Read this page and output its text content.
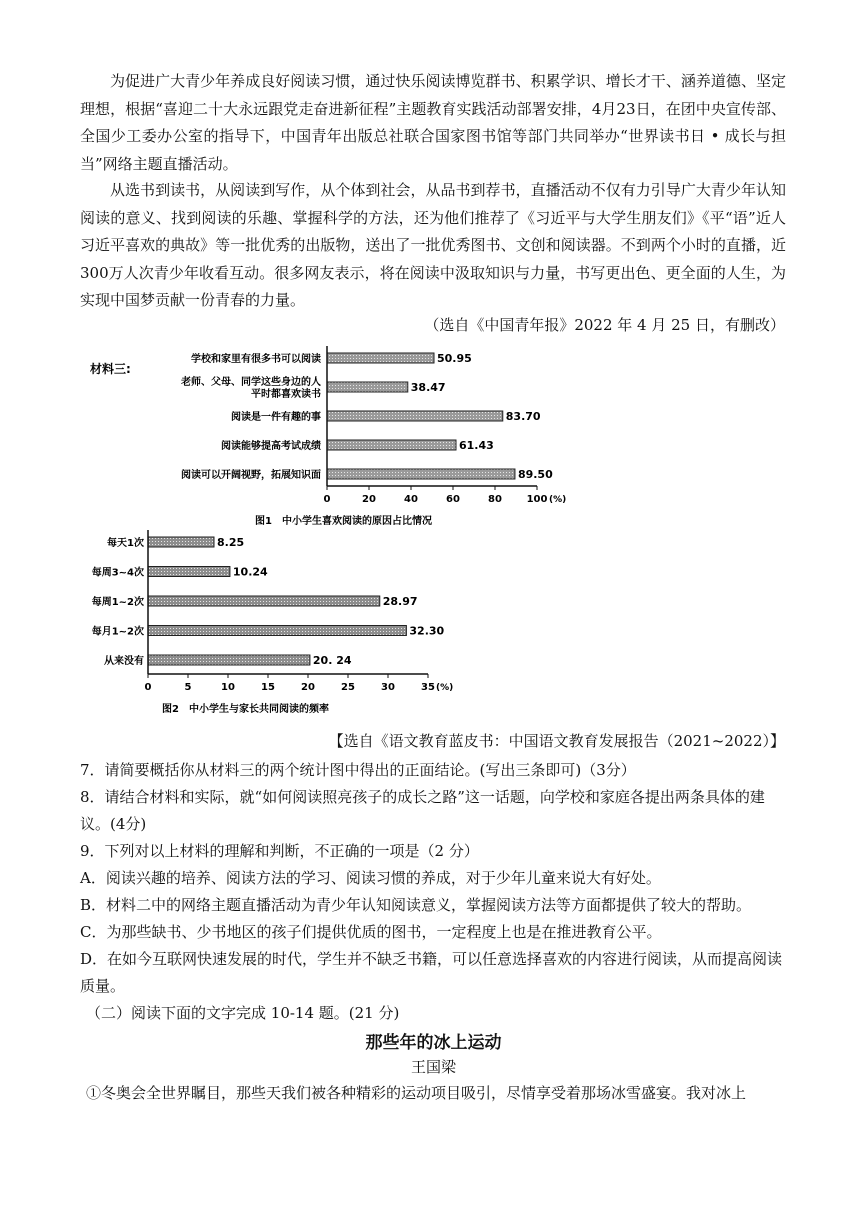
为促进广大青少年养成良好阅读习惯，通过快乐阅读博览群书、积累学识、增长才干、涵养道德、坚定理想，根据“喜迎二十大永远跟党走奋进新征程”主题教育实践活动部署安排，4月23日，在团中央宣传部、全国少工委办公室的指导下，中国青年出版总社联合国家图书馆等部门共同举办“世界读书日 • 成长与担当”网络主题直播活动。

从选书到读书，从阅读到写作，从个体到社会，从品书到荐书，直播活动不仅有力引导广大青少年认知阅读的意义、找到阅读的乐趣、掌握科学的方法，还为他们推荐了《习近平与大学生朋友们》《平“语”近人习近平喜欢的典故》等一批优秀的出版物，送出了一批优秀图书、文创和阅读器。不到两个小时的直播，近300万人次青少年收看互动。很多网友表示，将在阅读中汲取知识与力量，书写更出色、更全面的人生，为实现中国梦贡献一份青春的力量。

（选自《中国青年报》2022 年 4 月 25 日，有删改）
材料三:
50.95
学校和家里有很多书可以阅读
38.47
老师、父母、同学这些身边的人
平时都喜欢读书
83.70
阅读是一件有趣的事
61.43
阅读能够提高考试成绩
89.50
阅读可以开阔视野，拓展知识面
0	20	40	60	80 100 (%)
图1　中小学生喜欢阅读的原因占比情况
8.25
每天1次
10.24
每周3~4次
28.97
每周1~2次
32.30
每月1~2次
20. 24
从来没有
0	5	10	15	20	25	30	35 (%)
图2　中小学生与家长共同阅读的频率
【选自《语文教育蓝皮书：中国语文教育发展报告（2021~2022）】

7．请简要概括你从材料三的两个统计图中得出的正面结论。(写出三条即可)（3分）

8．请结合材料和实际，就“如何阅读照亮孩子的成长之路”这一话题，向学校和家庭各提出两条具体的建

议。(4分)

9．下列对以上材料的理解和判断，不正确的一项是（2 分）

A．阅读兴趣的培养、阅读方法的学习、阅读习惯的养成，对于少年儿童来说大有好处。

B．材料二中的网络主题直播活动为青少年认知阅读意义，掌握阅读方法等方面都提供了较大的帮助。

C．为那些缺书、少书地区的孩子们提供优质的图书，一定程度上也是在推进教育公平。

D．在如今互联网快速发展的时代，学生并不缺乏书籍，可以任意选择喜欢的内容进行阅读，从而提高阅读

质量。

（二）阅读下面的文字完成 10-14 题。(21 分)

那些年的冰上运动
王国梁

①冬奥会全世界瞩目，那些天我们被各种精彩的运动项目吸引，尽情享受着那场冰雪盛宴。我对冰上
